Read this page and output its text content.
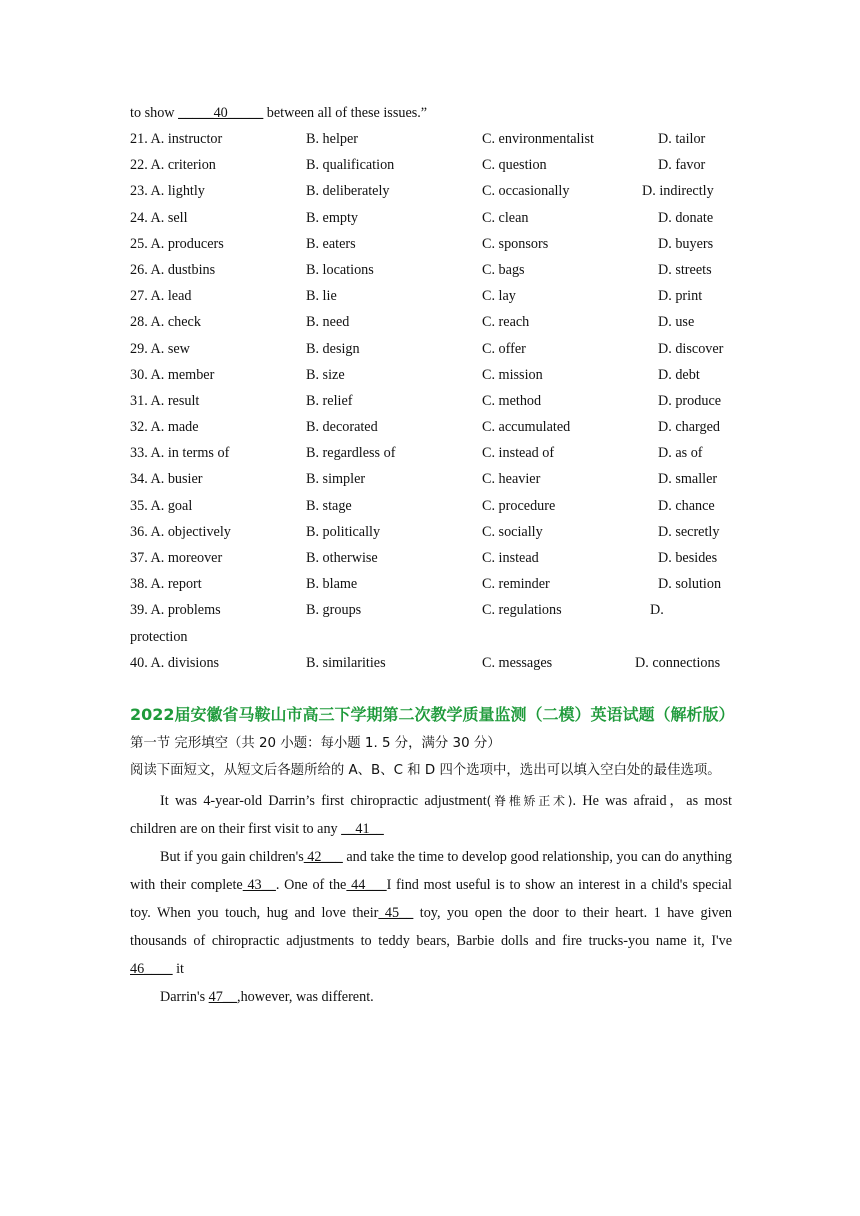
to show _____40_____ between all of these issues.”
21. A. instructor	B. helper	C. environmentalist	D. tailor
22. A. criterion	B. qualification	C. question	D. favor
23. A. lightly	B. deliberately	C. occasionally	D. indirectly
24. A. sell	B. empty	C. clean	D. donate
25. A. producers	B. eaters	C. sponsors	D. buyers
26. A. dustbins	B. locations	C. bags	D. streets
27. A. lead	B. lie	C. lay	D. print
28. A. check	B. need	C. reach	D. use
29. A. sew	B. design	C. offer	D. discover
30. A. member	B. size	C. mission	D. debt
31. A. result	B. relief	C. method	D. produce
32. A. made	B. decorated	C. accumulated	D. charged
33. A. in terms of	B. regardless of	C. instead of	D. as of
34. A. busier	B. simpler	C. heavier	D. smaller
35. A. goal	B. stage	C. procedure	D. chance
36. A. objectively	B. politically	C. socially	D. secretly
37. A. moreover	B. otherwise	C. instead	D. besides
38. A. report	B. blame	C. reminder	D. solution
39. A. problems	B. groups	C. regulations	D.
protection
40. A. divisions	B. similarities	C. messages	D. connections
2022届安徽省马鞍山市高三下学期第二次教学质量监测（二模）英语试题（解析版）
第一节 完形填空（共 20 小题：每小题 1. 5 分，满分 30 分）
阅读下面短文，从短文后各题所给的 A、B、C 和 D 四个选项中，选出可以填入空白处的最佳选项。
It was 4-year-old Darrin’s first chiropractic adjustment(脊椎矫正术). He was afraid，as most children are on their first visit to any __41__
But if you gain children's 42___ and take the time to develop good relationship, you can do anything with their complete 43__. One of the 44___I find most useful is to show an interest in a child's special toy. When you touch, hug and love their 45__ toy, you open the door to their heart. 1 have given thousands of chiropractic adjustments to teddy bears, Barbie dolls and fire trucks-you name it, I've 46____ it
Darrin's 47__,however, was different.
